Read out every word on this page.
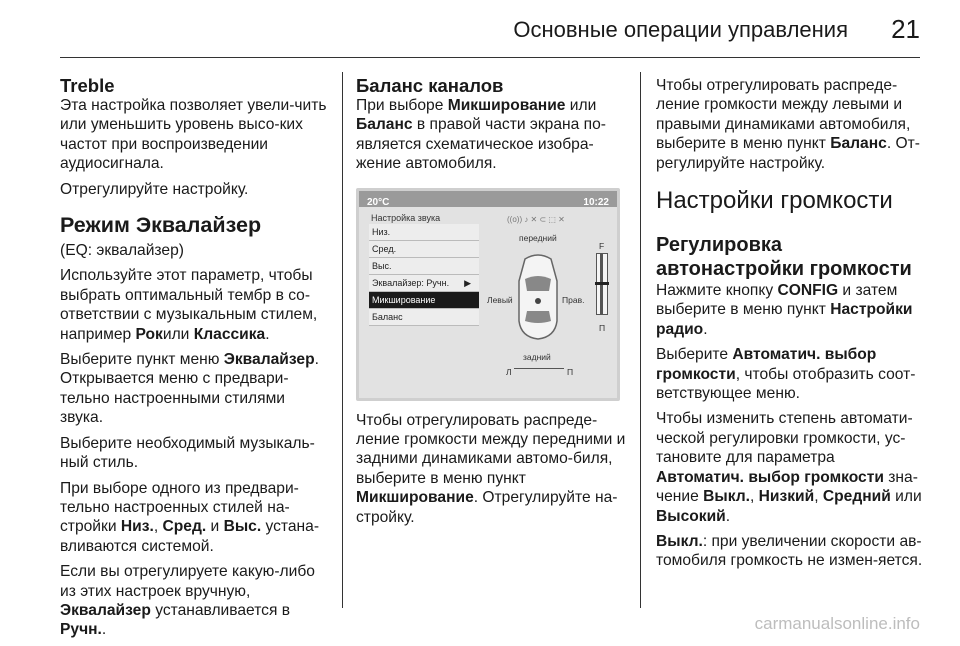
Основные операции управления 21
Treble

Эта настройка позволяет увели-чить или уменьшить уровень высо-ких частот при воспроизведении аудиосигнала.

Отрегулируйте настройку.

Режим Эквалайзер

(EQ: эквалайзер)

Используйте этот параметр, чтобы выбрать оптимальный тембр в со-ответствии с музыкальным стилем, например Рокили Классика.

Выберите пункт меню Эквалайзер. Открывается меню с предвари-тельно настроенными стилями звука.

Выберите необходимый музыкаль-ный стиль.

При выборе одного из предвари-тельно настроенных стилей на-стройки Низ., Сред. и Выс. устана-вливаются системой.

Если вы отрегулируете какую-либо из этих настроек вручную, Эквалайзер устанавливается в Ручн..

Баланс каналов

При выборе Микширование или Баланс в правой части экрана по-является схематическое изобра-жение автомобиля.

20°C	10:22
Настройка звука	((o)) ♪ ✕ ⊂ ⬚ ✕
Низ.
Сред.
Выс.
Эквалайзер: Ручн. ▶
Микширование
Баланс
передний
Левый	Прав.
задний
F
П
Л	П

Чтобы отрегулировать распреде-ление громкости между передними и задними динамиками автомо-биля, выберите в меню пункт Микширование. Отрегулируйте на-стройку.

Чтобы отрегулировать распреде-ление громкости между левыми и правыми динамиками автомобиля, выберите в меню пункт Баланс. От-регулируйте настройку.

Настройки громкости
Регулировка автонастройки громкости

Нажмите кнопку CONFIG и затем выберите в меню пункт Настройки радио.

Выберите Автоматич. выбор громкости, чтобы отобразить соот-ветствующее меню.

Чтобы изменить степень автомати-ческой регулировки громкости, ус-тановите для параметра Автоматич. выбор громкости зна-чение Выкл., Низкий, Средний или Высокий.

Выкл.: при увеличении скорости ав-томобиля громкость не измен-яется.

carmanualsonline.info
